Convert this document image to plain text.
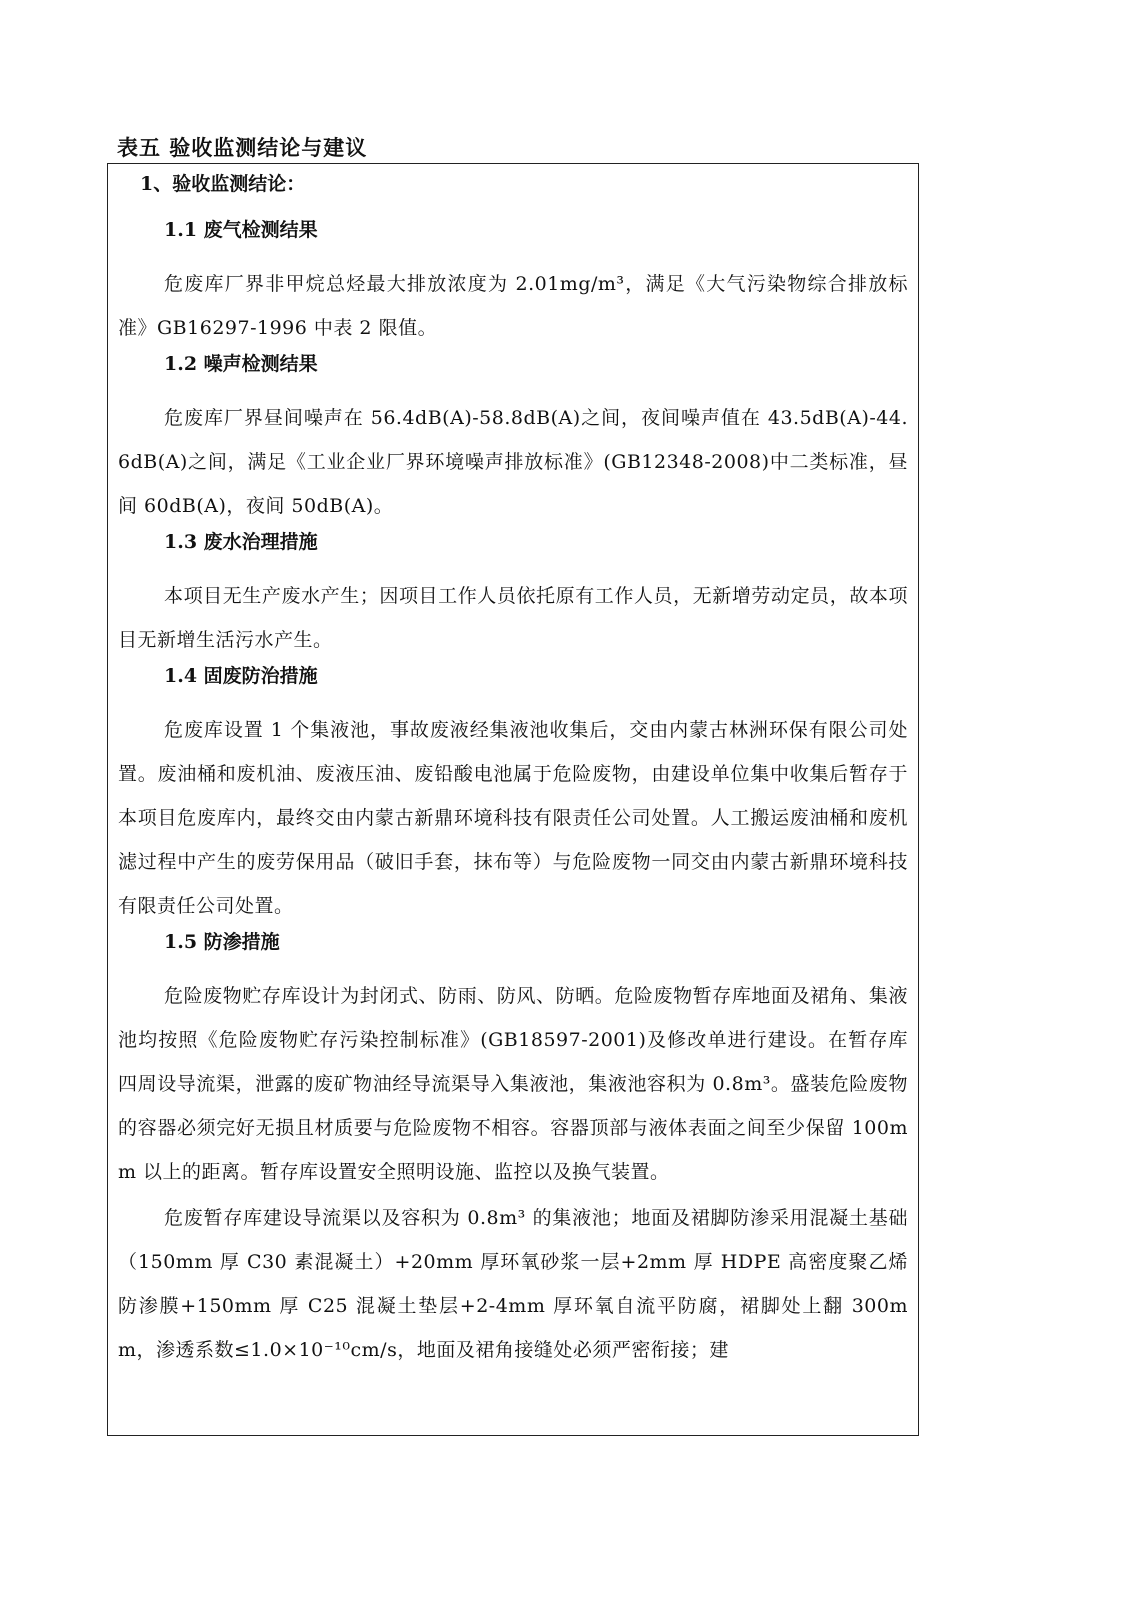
表五 验收监测结论与建议
1、验收监测结论：
1.1 废气检测结果

危废库厂界非甲烷总烃最大排放浓度为 2.01mg/m³，满足《大气污染物综合排放标准》GB16297-1996 中表 2 限值。

1.2 噪声检测结果

危废库厂界昼间噪声在 56.4dB(A)-58.8dB(A)之间，夜间噪声值在 43.5dB(A)-44.6dB(A)之间，满足《工业企业厂界环境噪声排放标准》(GB12348-2008)中二类标准，昼间 60dB(A)，夜间 50dB(A)。

1.3 废水治理措施

本项目无生产废水产生；因项目工作人员依托原有工作人员，无新增劳动定员，故本项目无新增生活污水产生。

1.4 固废防治措施

危废库设置 1 个集液池，事故废液经集液池收集后，交由内蒙古林洲环保有限公司处置。废油桶和废机油、废液压油、废铅酸电池属于危险废物，由建设单位集中收集后暂存于本项目危废库内，最终交由内蒙古新鼎环境科技有限责任公司处置。人工搬运废油桶和废机滤过程中产生的废劳保用品（破旧手套，抹布等）与危险废物一同交由内蒙古新鼎环境科技有限责任公司处置。

1.5 防渗措施

危险废物贮存库设计为封闭式、防雨、防风、防晒。危险废物暂存库地面及裙角、集液池均按照《危险废物贮存污染控制标准》(GB18597-2001)及修改单进行建设。在暂存库四周设导流渠，泄露的废矿物油经导流渠导入集液池，集液池容积为 0.8m³。盛装危险废物的容器必须完好无损且材质要与危险废物不相容。容器顶部与液体表面之间至少保留 100mm 以上的距离。暂存库设置安全照明设施、监控以及换气装置。

危废暂存库建设导流渠以及容积为 0.8m³ 的集液池；地面及裙脚防渗采用混凝土基础（150mm 厚 C30 素混凝土）+20mm 厚环氧砂浆一层+2mm 厚 HDPE 高密度聚乙烯防渗膜+150mm 厚 C25 混凝土垫层+2-4mm 厚环氧自流平防腐，裙脚处上翻 300mm，渗透系数≤1.0×10⁻¹⁰cm/s，地面及裙角接缝处必须严密衔接；建
